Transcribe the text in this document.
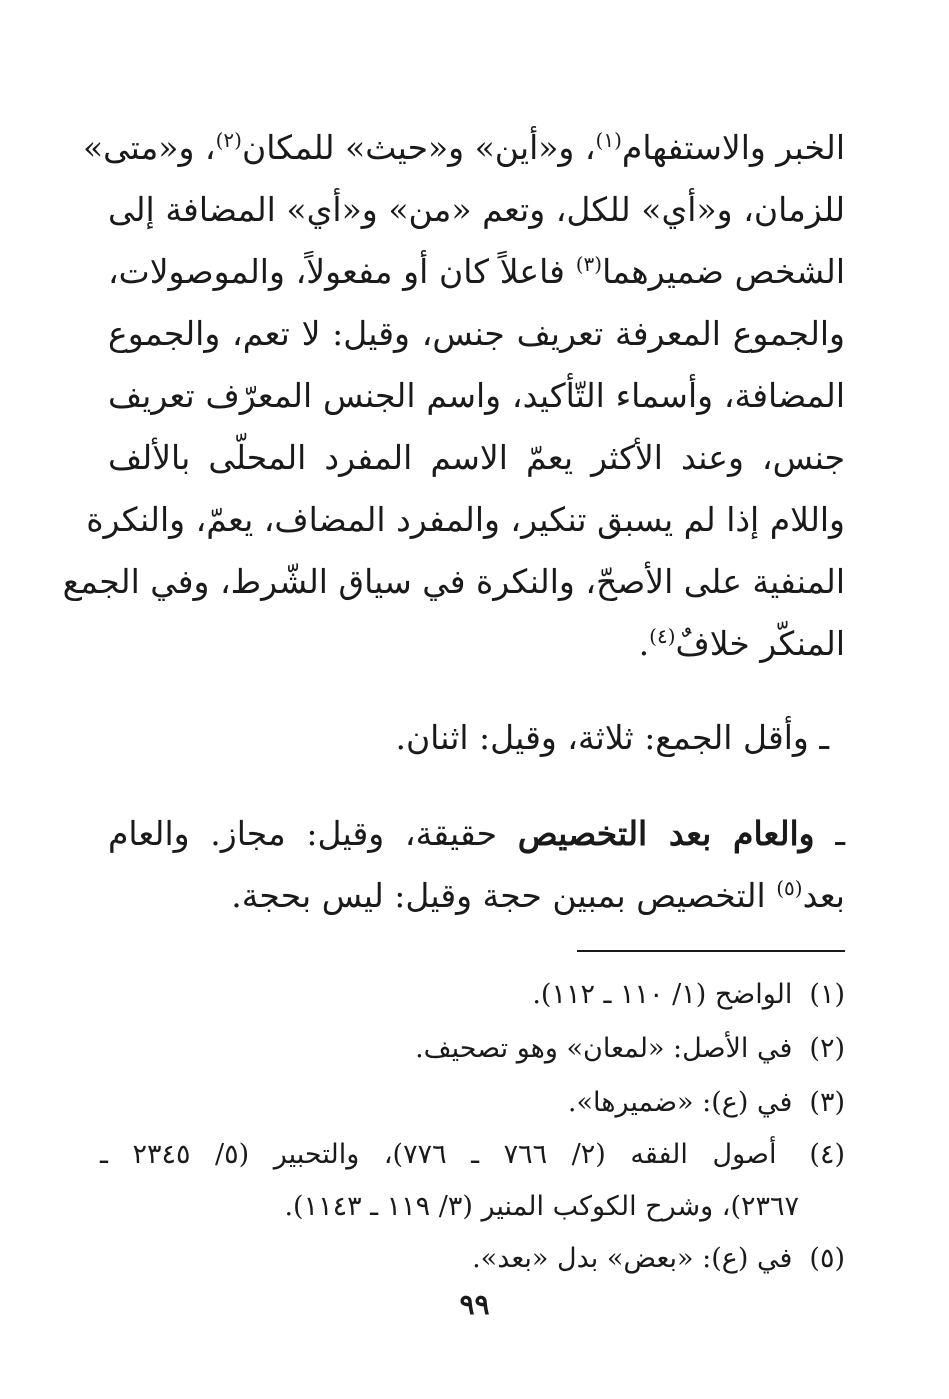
الخبر والاستفهام$^{(١)}$، و«أين» و«حيث» للمكان$^{(٢)}$، و«متى»
للزمان، و«أي» للكل، وتعم «من» و«أي» المضافة إلى
الشخص ضميرهما$^{(٣)}$ فاعلاً كان أو مفعولاً، والموصولات،
والجموع المعرفة تعريف جنس، وقيل: لا تعم، والجموع
المضافة، وأسماء التّأكيد، واسم الجنس المعرّف تعريف
جنس، وعند الأكثر يعمّ الاسم المفرد المحلّى بالألف
واللام إذا لم يسبق تنكير، والمفرد المضاف، يعمّ، والنكرة
المنفية على الأصحّ، والنكرة في سياق الشّرط، وفي الجمع
المنكّر خلافٌ$^{(٤)}$.
ـ وأقل الجمع: ثلاثة، وقيل: اثنان.
ـ والعام بعد التخصيص حقيقة، وقيل: مجاز. والعام
بعد$^{(٥)}$ التخصيص بمبين حجة وقيل: ليس بحجة.
(١) الواضح (١/ ١١٠ ـ ١١٢).
(٢) في الأصل: «لمعان» وهو تصحيف.
(٣) في (ع): «ضميرها».
(٤) أصول الفقه (٢/ ٧٦٦ ـ ٧٧٦)، والتحبير (٥/ ٢٣٤٥ ـ
٢٣٦٧)، وشرح الكوكب المنير (٣/ ١١٩ ـ ١١٤٣).
(٥) في (ع): «بعض» بدل «بعد».
٩٩
